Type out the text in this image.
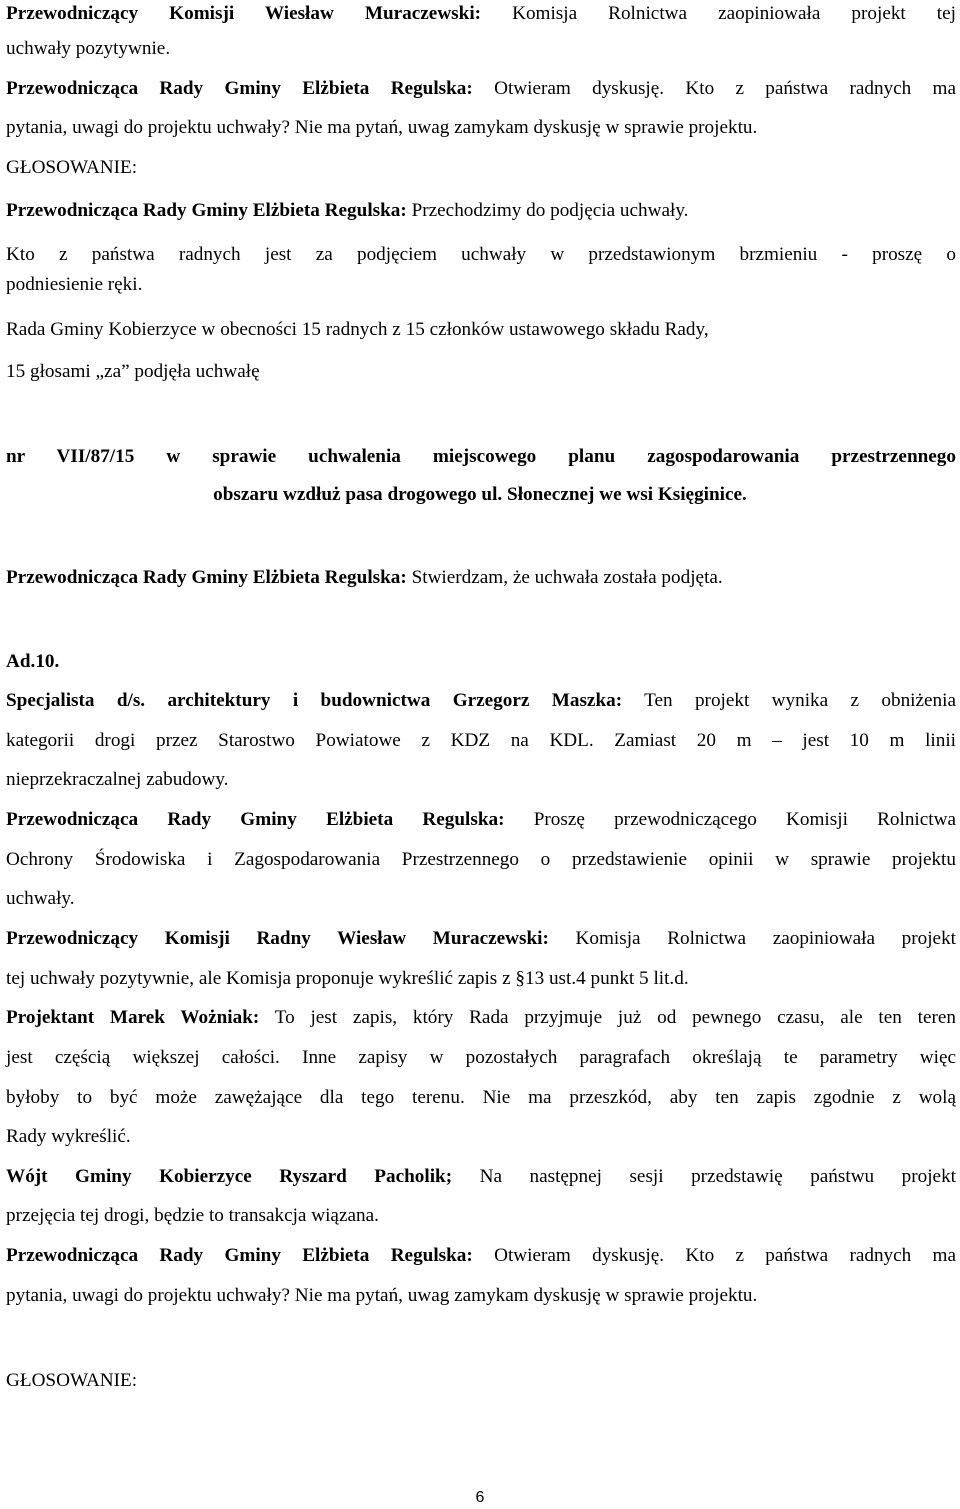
Przewodniczący Komisji Wiesław Muraczewski: Komisja Rolnictwa zaopiniowała projekt tej
uchwały pozytywnie.
Przewodnicząca Rady Gminy Elżbieta Regulska: Otwieram dyskusję. Kto z państwa radnych ma
pytania, uwagi do projektu uchwały? Nie ma pytań, uwag zamykam dyskusję w sprawie projektu.
GŁOSOWANIE:
Przewodnicząca Rady Gminy Elżbieta Regulska: Przechodzimy do podjęcia uchwały.
Kto z państwa radnych jest za podjęciem uchwały w przedstawionym brzmieniu - proszę o
podniesienie ręki.
Rada Gminy Kobierzyce w obecności 15 radnych z 15 członków ustawowego składu Rady,
15 głosami „za” podjęła uchwałę
nr VII/87/15 w sprawie uchwalenia miejscowego planu zagospodarowania przestrzennego
obszaru wzdłuż pasa drogowego ul. Słonecznej we wsi Księginice.
Przewodnicząca Rady Gminy Elżbieta Regulska: Stwierdzam, że uchwała została podjęta.
Ad.10.
Specjalista d/s. architektury i budownictwa Grzegorz Maszka: Ten projekt wynika z obniżenia
kategorii drogi przez Starostwo Powiatowe z KDZ na KDL. Zamiast 20 m – jest 10 m linii
nieprzekraczalnej zabudowy.
Przewodnicząca Rady Gminy Elżbieta Regulska: Proszę przewodniczącego Komisji Rolnictwa
Ochrony Środowiska i Zagospodarowania Przestrzennego o przedstawienie opinii w sprawie projektu
uchwały.
Przewodniczący Komisji Radny Wiesław Muraczewski: Komisja Rolnictwa zaopiniowała projekt
tej uchwały pozytywnie, ale Komisja proponuje wykreślić zapis z §13 ust.4 punkt 5 lit.d.
Projektant Marek Wożniak: To jest zapis, który Rada przyjmuje już od pewnego czasu, ale ten teren
jest częścią większej całości. Inne zapisy w pozostałych paragrafach określają te parametry więc
byłoby to być może zawężające dla tego terenu. Nie ma przeszkód, aby ten zapis zgodnie z wolą
Rady wykreślić.
Wójt Gminy Kobierzyce Ryszard Pacholik; Na następnej sesji przedstawię państwu projekt
przejęcia tej drogi, będzie to transakcja wiązana.
Przewodnicząca Rady Gminy Elżbieta Regulska: Otwieram dyskusję. Kto z państwa radnych ma
pytania, uwagi do projektu uchwały? Nie ma pytań, uwag zamykam dyskusję w sprawie projektu.
GŁOSOWANIE:
6
